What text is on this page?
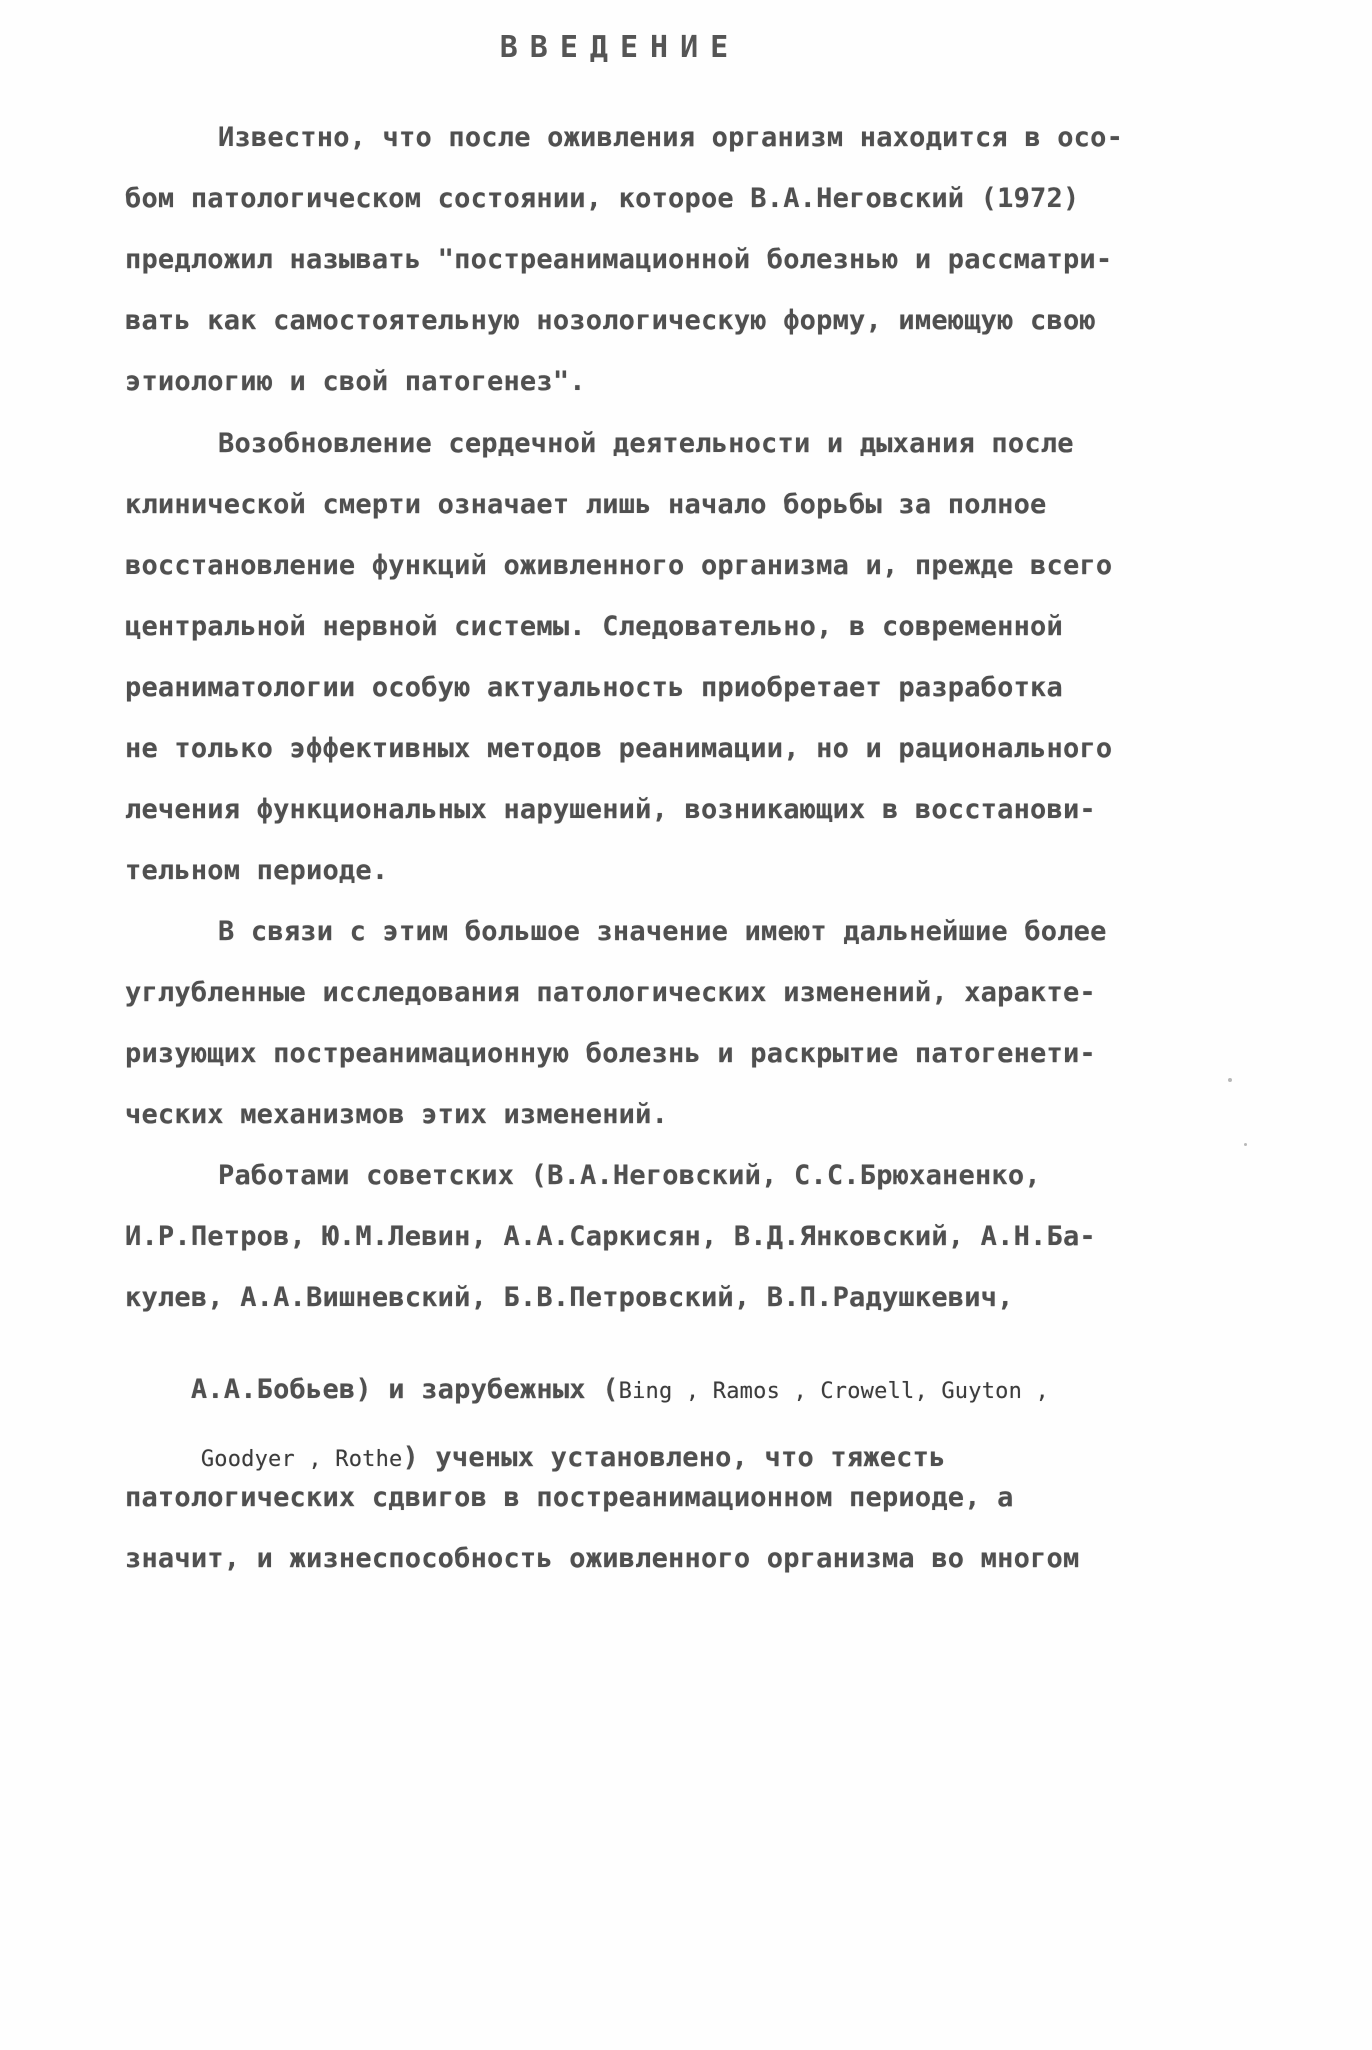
ВВЕДЕНИЕ
Известно, что после оживления организм находится в осо-
бом патологическом состоянии, которое В.А.Неговский (1972)
предложил называть "постреанимационной болезнью и рассматри-
вать как самостоятельную нозологическую форму, имеющую свою
этиологию и свой патогенез".
Возобновление сердечной деятельности и дыхания после
клинической смерти означает лишь начало борьбы за полное
восстановление функций оживленного организма и, прежде всего
центральной нервной системы. Следовательно, в современной
реаниматологии особую актуальность приобретает разработка
не только эффективных методов реанимации, но и рационального
лечения функциональных нарушений, возникающих в восстанови-
тельном периоде.
В связи с этим большое значение имеют дальнейшие более
углубленные исследования патологических изменений, характе-
ризующих постреанимационную болезнь и раскрытие патогенети-
ческих механизмов этих изменений.
Работами советских (В.А.Неговский, С.С.Брюханенко,
И.Р.Петров, Ю.М.Левин, А.А.Саркисян, В.Д.Янковский, А.Н.Ба-
кулев, А.А.Вишневский, Б.В.Петровский, В.П.Радушкевич,

А.А.Бобьев) и зарубежных (Bing , Ramos , Crowell, Guyton ,

Goodyer , Rothe) ученых установлено, что тяжесть

патологических сдвигов в постреанимационном периоде, а
значит, и жизнеспособность оживленного организма во многом
